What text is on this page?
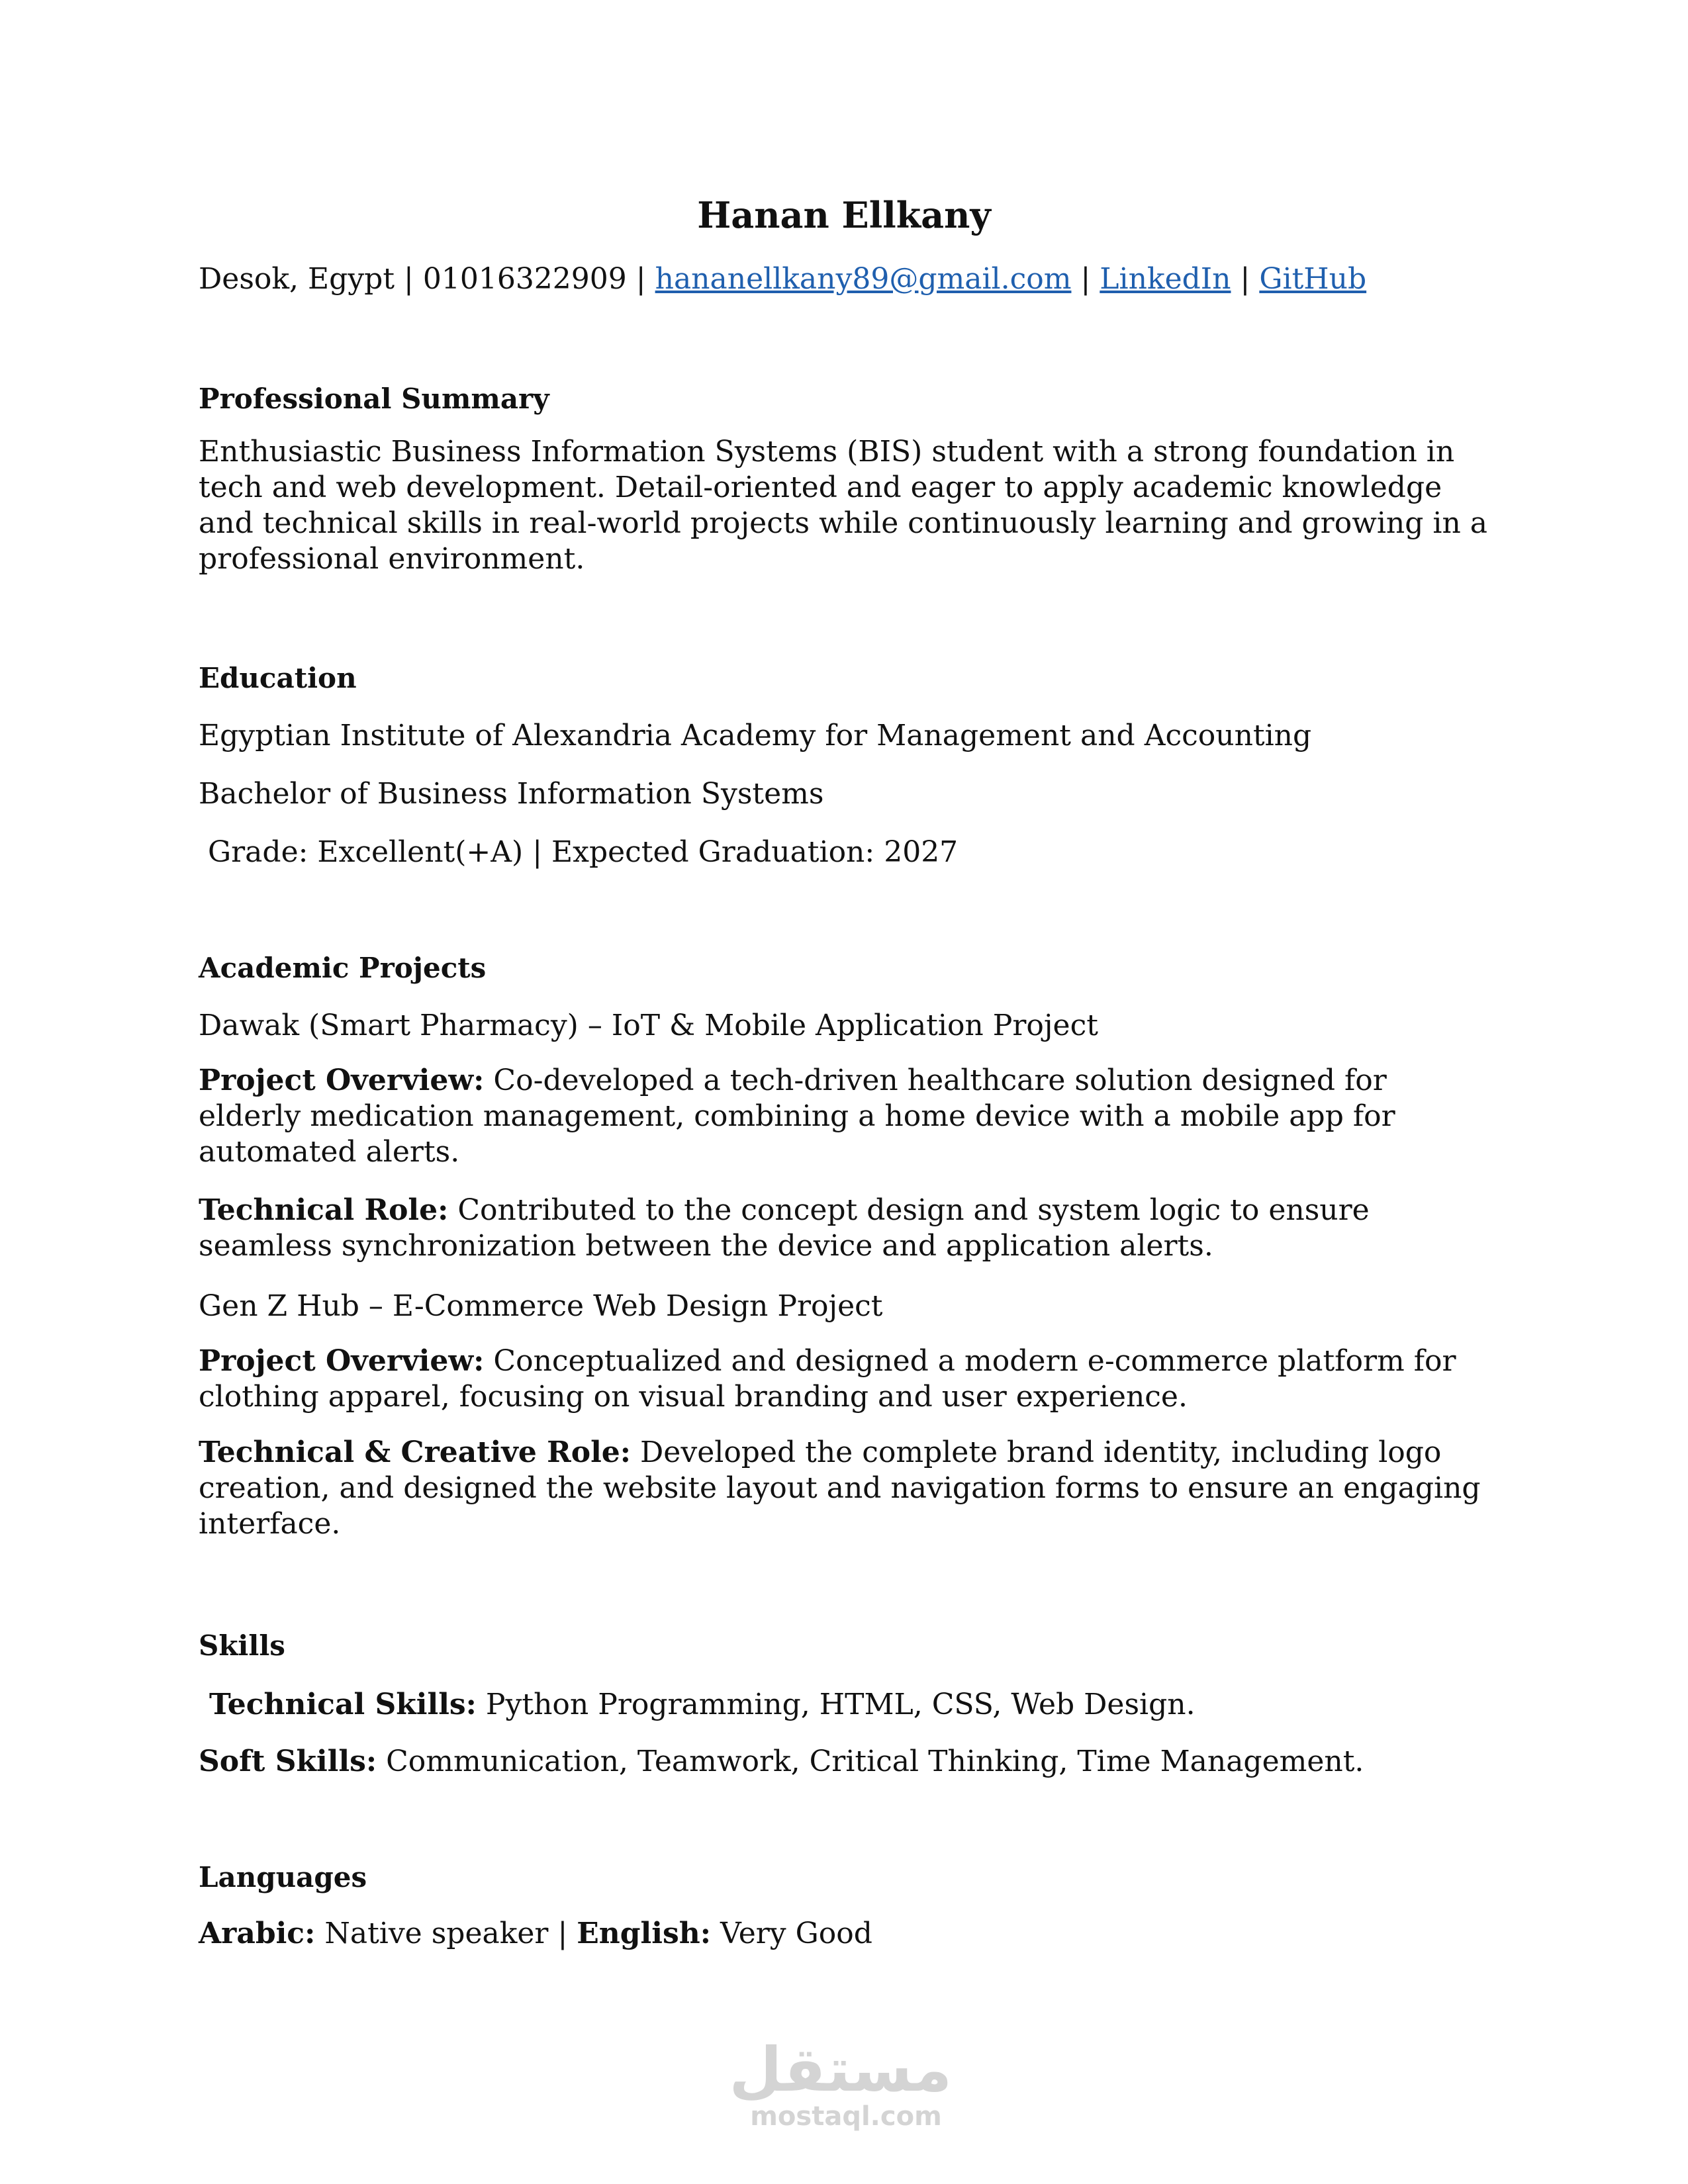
Hanan Ellkany
Desok, Egypt | 01016322909 | hananellkany89@gmail.com | LinkedIn | GitHub
Professional Summary
Enthusiastic Business Information Systems (BIS) student with a strong foundation in tech and web development. Detail-oriented and eager to apply academic knowledge and technical skills in real-world projects while continuously learning and growing in a professional environment.
Education
Egyptian Institute of Alexandria Academy for Management and Accounting
Bachelor of Business Information Systems
Grade: Excellent(+A) | Expected Graduation: 2027
Academic Projects
Dawak (Smart Pharmacy) – IoT & Mobile Application Project
Project Overview: Co-developed a tech-driven healthcare solution designed for elderly medication management, combining a home device with a mobile app for automated alerts.
Technical Role: Contributed to the concept design and system logic to ensure seamless synchronization between the device and application alerts.
Gen Z Hub – E-Commerce Web Design Project
Project Overview: Conceptualized and designed a modern e-commerce platform for clothing apparel, focusing on visual branding and user experience.
Technical & Creative Role: Developed the complete brand identity, including logo creation, and designed the website layout and navigation forms to ensure an engaging interface.
Skills
Technical Skills: Python Programming, HTML, CSS, Web Design.
Soft Skills: Communication, Teamwork, Critical Thinking, Time Management.
Languages
Arabic: Native speaker | English: Very Good
مستقل
mostaql.com
